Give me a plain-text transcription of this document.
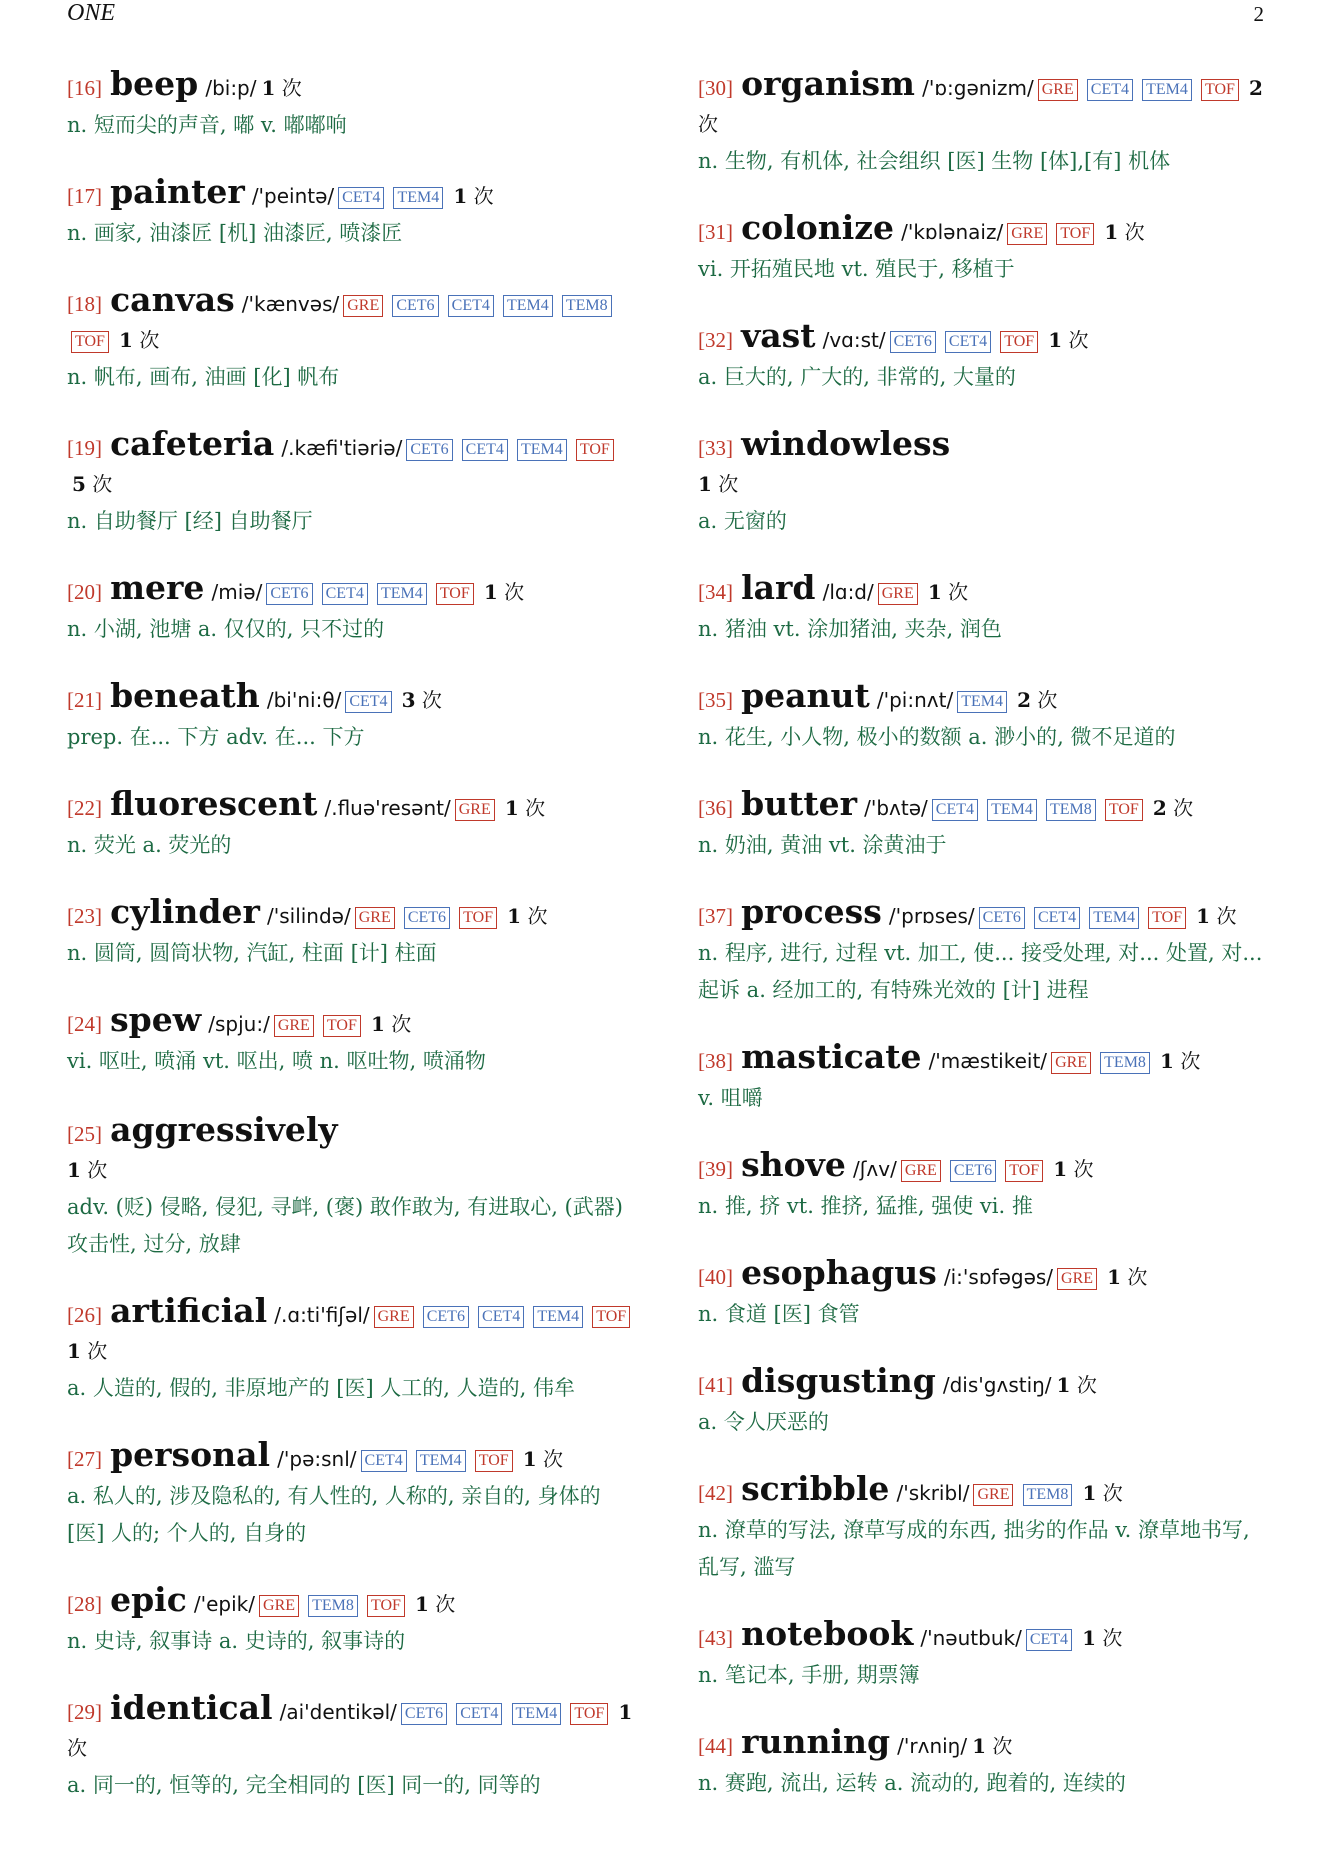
ONE	2
[16] beep /bi:p/ 1 次
n. 短而尖的声音, 嘟 v. 嘟嘟响
[17] painter /'peintə/ CET4 TEM4 1 次
n. 画家, 油漆匠 [机] 油漆匠, 喷漆匠
[18] canvas /'kænvəs/ GRE CET6 CET4 TEM4 TEM8 TOF 1 次
n. 帆布, 画布, 油画 [化] 帆布
[19] cafeteria /.kæfi'tiəriə/ CET6 CET4 TEM4 TOF 5 次
n. 自助餐厅 [经] 自助餐厅
[20] mere /miə/ CET6 CET4 TEM4 TOF 1 次
n. 小湖, 池塘 a. 仅仅的, 只不过的
[21] beneath /bi'ni:θ/ CET4 3 次
prep. 在... 下方 adv. 在... 下方
[22] fluorescent /.fluə'resənt/ GRE 1 次
n. 荧光 a. 荧光的
[23] cylinder /'silində/ GRE CET6 TOF 1 次
n. 圆筒, 圆筒状物, 汽缸, 柱面 [计] 柱面
[24] spew /spju:/ GRE TOF 1 次
vi. 呕吐, 喷涌 vt. 呕出, 喷 n. 呕吐物, 喷涌物
[25] aggressively
1 次
adv. (贬) 侵略, 侵犯, 寻衅, (褒) 敢作敢为, 有进取心, (武器) 攻击性, 过分, 放肆
[26] artificial /.ɑ:ti'fiʃəl/ GRE CET6 CET4 TEM4 TOF
1 次
a. 人造的, 假的, 非原地产的 [医] 人工的, 人造的, 伟牟
[27] personal /'pə:snl/ CET4 TEM4 TOF 1 次
a. 私人的, 涉及隐私的, 有人性的, 人称的, 亲自的, 身体的 [医] 人的; 个人的, 自身的
[28] epic /'epik/ GRE TEM8 TOF 1 次
n. 史诗, 叙事诗 a. 史诗的, 叙事诗的
[29] identical /ai'dentikəl/ CET6 CET4 TEM4 TOF 1 次
a. 同一的, 恒等的, 完全相同的 [医] 同一的, 同等的
[30] organism /'ɒ:gənizm/ GRE CET4 TEM4 TOF 2 次
n. 生物, 有机体, 社会组织 [医] 生物 [体],[有] 机体
[31] colonize /'kɒlənaiz/ GRE TOF 1 次
vi. 开拓殖民地 vt. 殖民于, 移植于
[32] vast /vɑ:st/ CET6 CET4 TOF 1 次
a. 巨大的, 广大的, 非常的, 大量的
[33] windowless
1 次
a. 无窗的
[34] lard /lɑ:d/ GRE 1 次
n. 猪油 vt. 涂加猪油, 夹杂, 润色
[35] peanut /'pi:nʌt/ TEM4 2 次
n. 花生, 小人物, 极小的数额 a. 渺小的, 微不足道的
[36] butter /'bʌtə/ CET4 TEM4 TEM8 TOF 2 次
n. 奶油, 黄油 vt. 涂黄油于
[37] process /'prɒses/ CET6 CET4 TEM4 TOF 1 次
n. 程序, 进行, 过程 vt. 加工, 使... 接受处理, 对... 处置, 对... 起诉 a. 经加工的, 有特殊光效的 [计] 进程
[38] masticate /'mæstikeit/ GRE TEM8 1 次
v. 咀嚼
[39] shove /ʃʌv/ GRE CET6 TOF 1 次
n. 推, 挤 vt. 推挤, 猛推, 强使 vi. 推
[40] esophagus /i:'sɒfəgəs/ GRE 1 次
n. 食道 [医] 食管
[41] disgusting /dis'gʌstiŋ/ 1 次
a. 令人厌恶的
[42] scribble /'skribl/ GRE TEM8 1 次
n. 潦草的写法, 潦草写成的东西, 拙劣的作品 v. 潦草地书写, 乱写, 滥写
[43] notebook /'nəutbuk/ CET4 1 次
n. 笔记本, 手册, 期票簿
[44] running /'rʌniŋ/ 1 次
n. 赛跑, 流出, 运转 a. 流动的, 跑着的, 连续的
